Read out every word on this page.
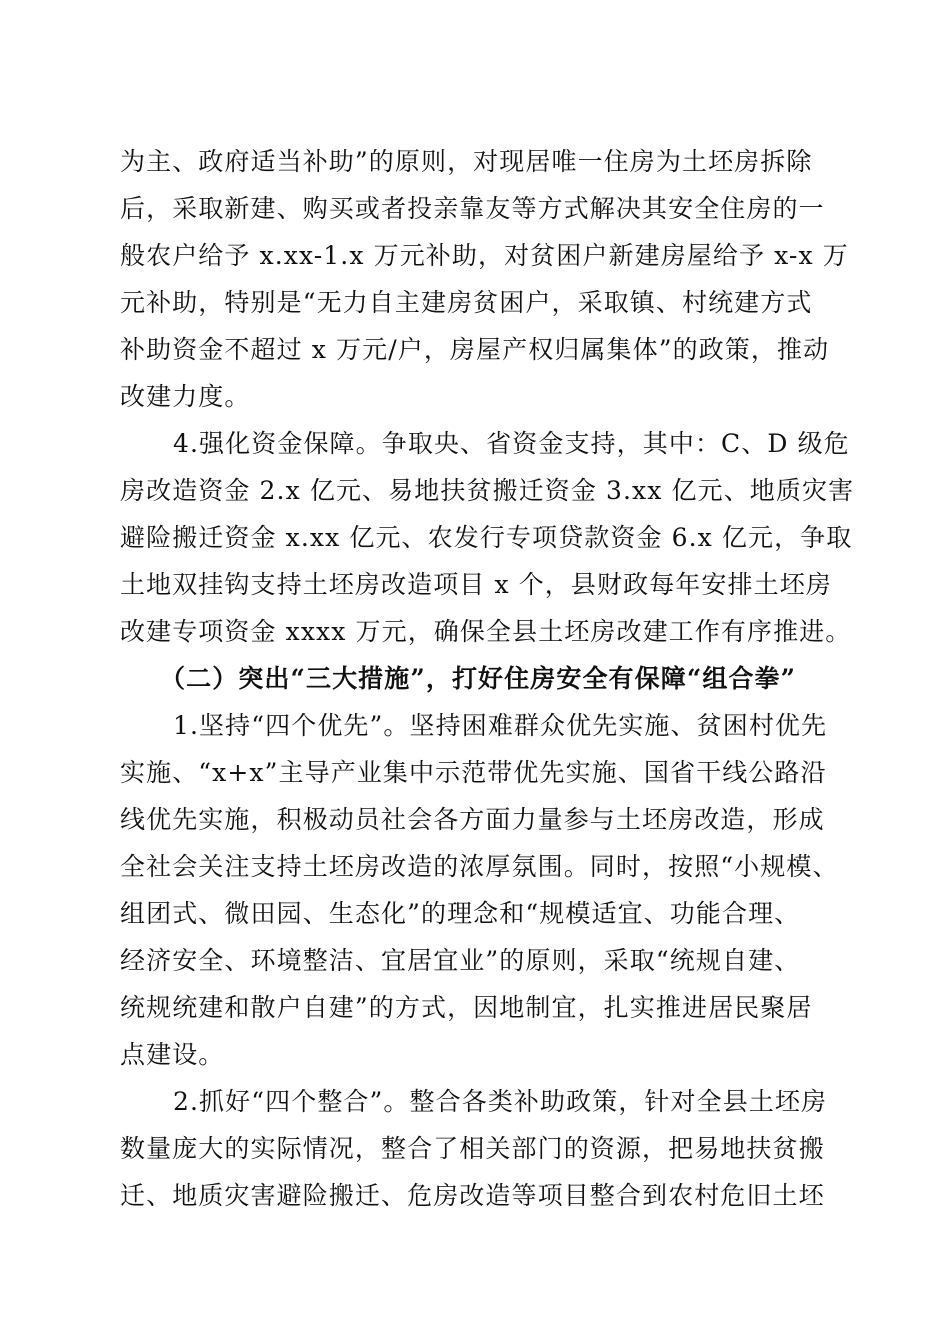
为主、政府适当补助”的原则，对现居唯一住房为土坯房拆除
后，采取新建、购买或者投亲靠友等方式解决其安全住房的一
般农户给予 x.xx-1.x 万元补助，对贫困户新建房屋给予 x-x 万
元补助，特别是“无力自主建房贫困户，采取镇、村统建方式
补助资金不超过 x 万元/户，房屋产权归属集体”的政策，推动
改建力度。
4.强化资金保障。争取央、省资金支持，其中：C、D 级危
房改造资金 2.x 亿元、易地扶贫搬迁资金 3.xx 亿元、地质灾害
避险搬迁资金 x.xx 亿元、农发行专项贷款资金 6.x 亿元，争取
土地双挂钩支持土坯房改造项目 x 个，县财政每年安排土坯房
改建专项资金 xxxx 万元，确保全县土坯房改建工作有序推进。
（二）突出“三大措施”，打好住房安全有保障“组合拳”
1.坚持“四个优先”。坚持困难群众优先实施、贫困村优先
实施、“x+x”主导产业集中示范带优先实施、国省干线公路沿
线优先实施，积极动员社会各方面力量参与土坯房改造，形成
全社会关注支持土坯房改造的浓厚氛围。同时，按照“小规模、
组团式、微田园、生态化”的理念和“规模适宜、功能合理、
经济安全、环境整洁、宜居宜业”的原则，采取“统规自建、
统规统建和散户自建”的方式，因地制宜，扎实推进居民聚居
点建设。
2.抓好“四个整合”。整合各类补助政策，针对全县土坯房
数量庞大的实际情况，整合了相关部门的资源，把易地扶贫搬
迁、地质灾害避险搬迁、危房改造等项目整合到农村危旧土坯
